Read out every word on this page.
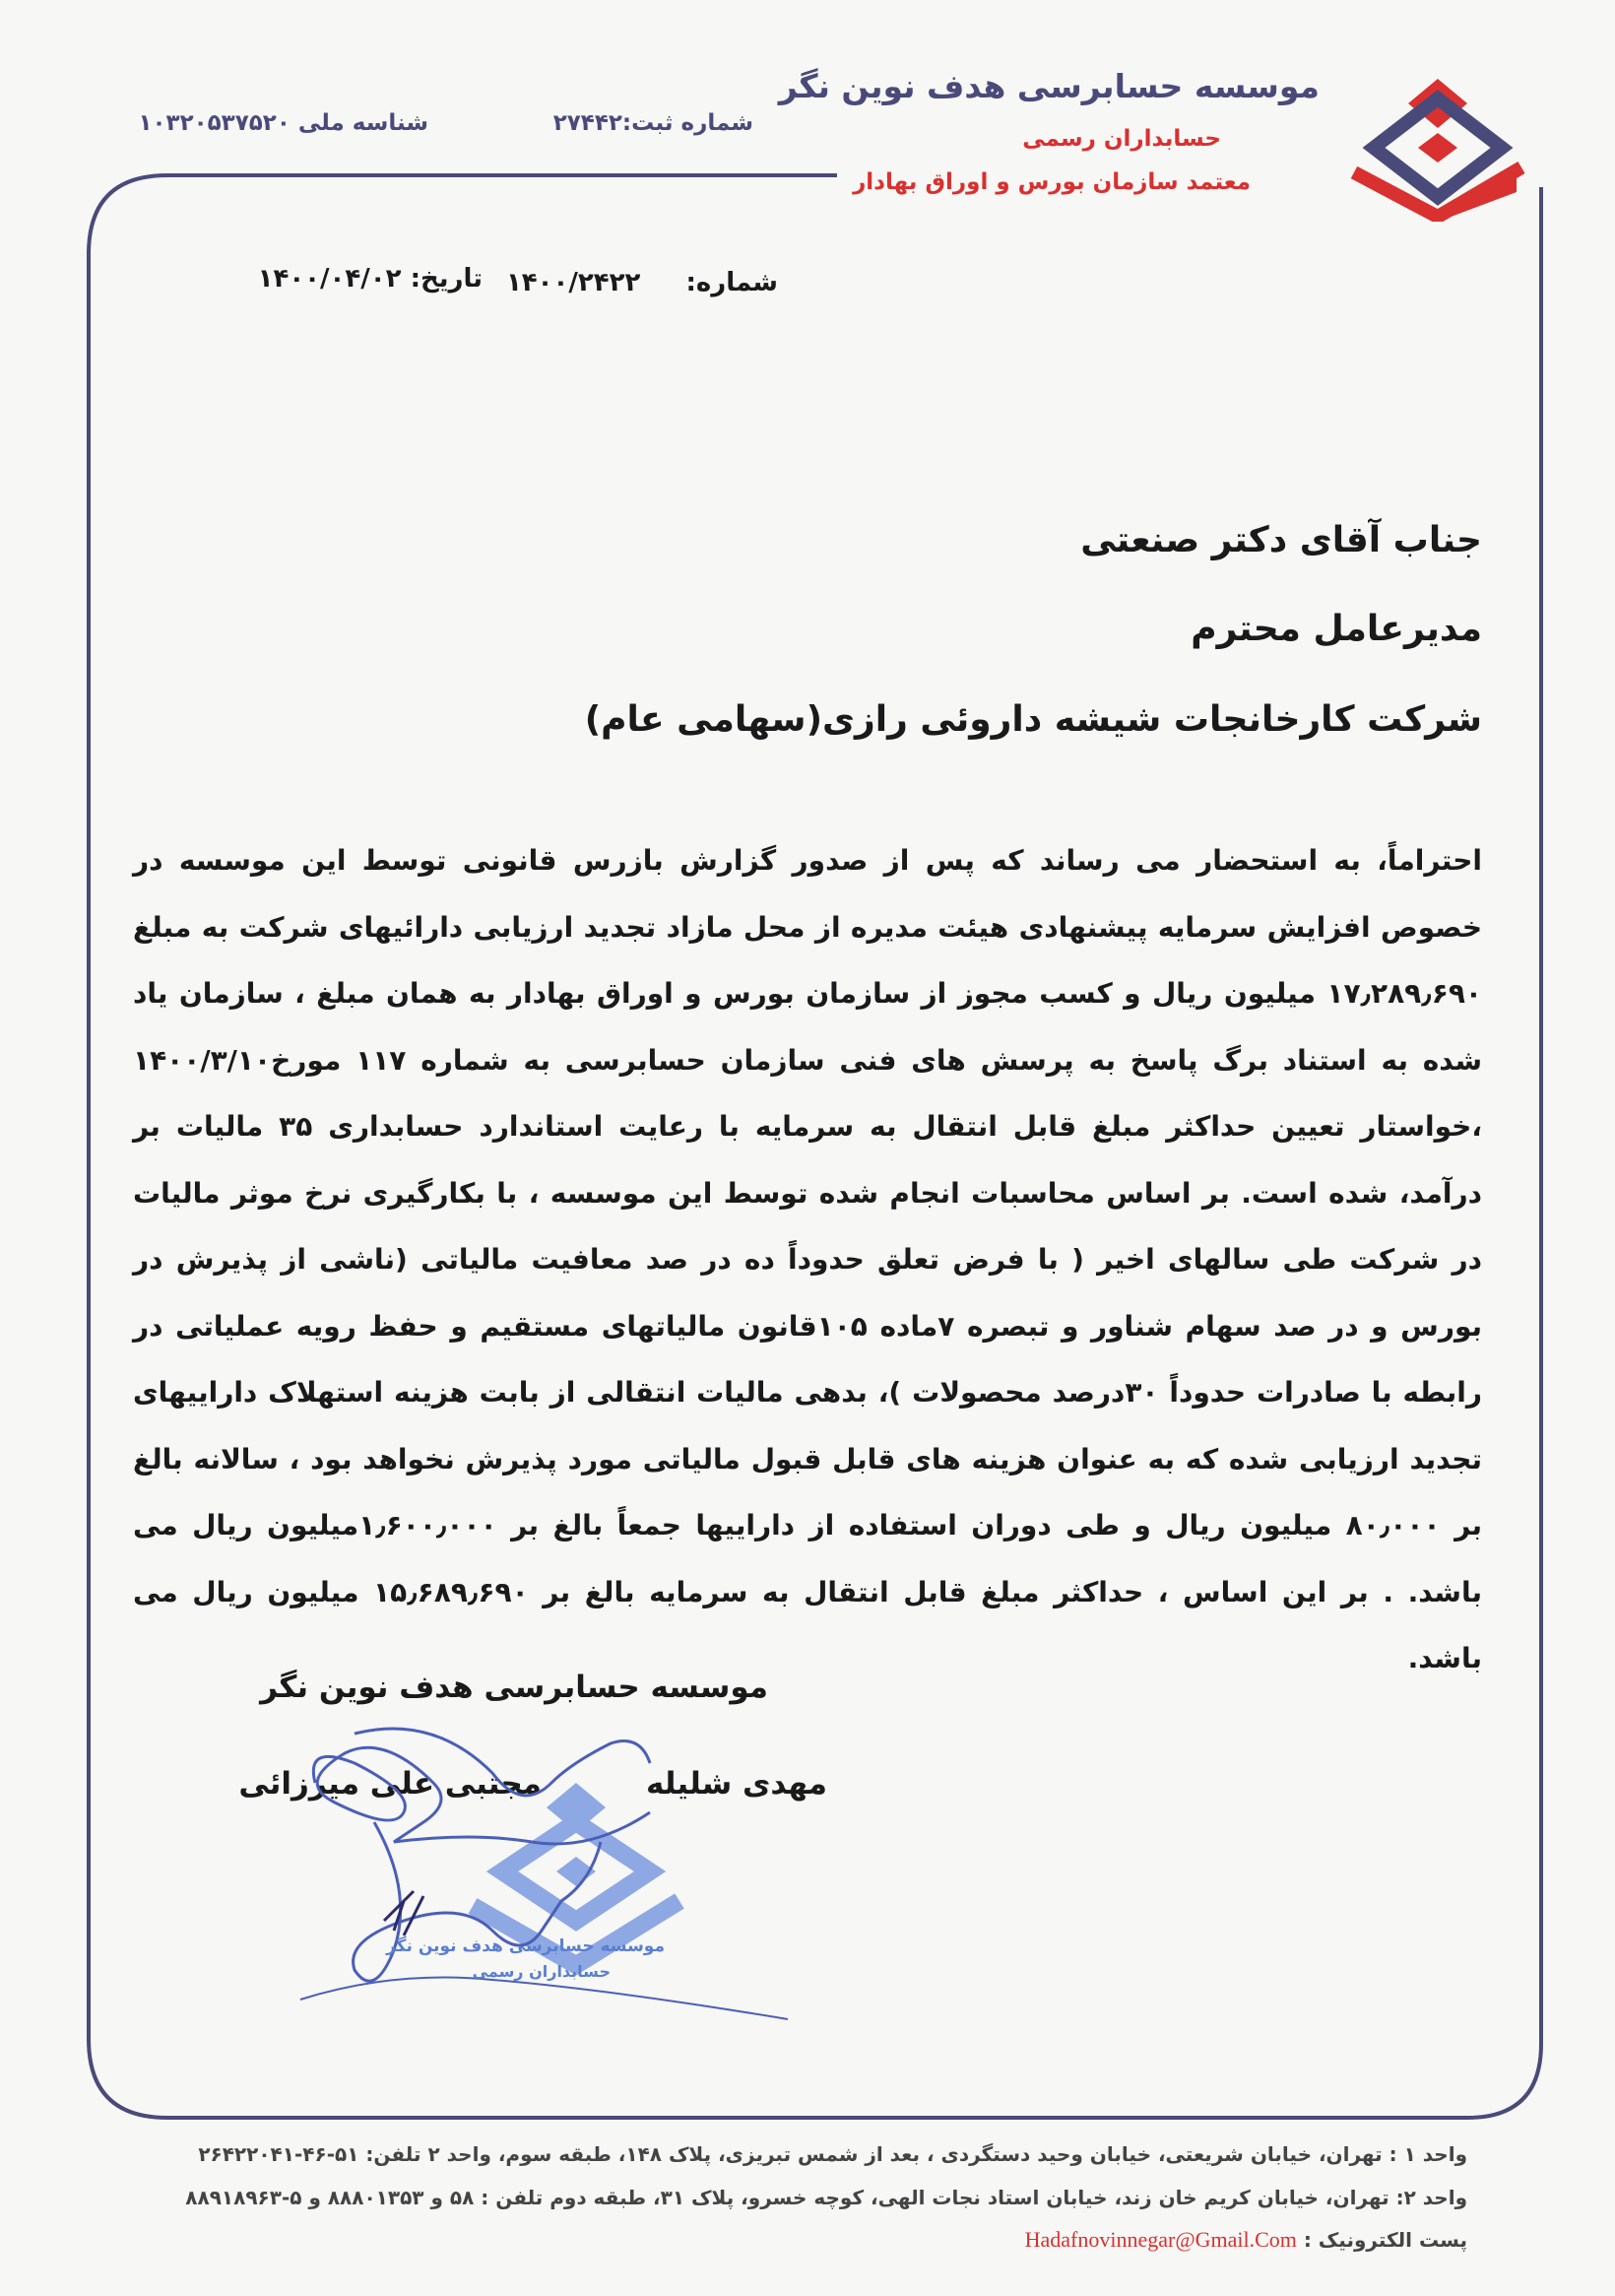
موسسه حسابرسی هدف نوین نگر
حسابداران رسمی
معتمد سازمان بورس و اوراق بهادار
شماره ثبت:۲۷۴۴۲
شناسه ملی ۱۰۳۲۰۵۳۷۵۲۰
شماره:  ۱۴۰۰/۲۴۲۲
تاریخ: ۱۴۰۰/۰۴/۰۲
جناب آقای دکتر صنعتی
مدیرعامل محترم
شرکت کارخانجات شیشه داروئی رازی(سهامی عام)

احتراماً، به استحضار می رساند که پس از صدور گزارش بازرس قانونی توسط این موسسه در خصوص افزایش سرمایه پیشنهادی هیئت مدیره از محل مازاد تجدید ارزیابی دارائیهای شرکت به مبلغ ۱۷٫۲۸۹٫۶۹۰ میلیون ریال و کسب مجوز از سازمان بورس و اوراق بهادار به همان مبلغ ، سازمان یاد شده به استناد برگ پاسخ به پرسش های فنی سازمان حسابرسی به شماره ۱۱۷ مورخ۱۴۰۰/۳/۱۰ ،خواستار تعیین حداکثر مبلغ قابل انتقال به سرمایه با رعایت استاندارد حسابداری ۳۵ مالیات بر درآمد، شده است. بر اساس محاسبات انجام شده توسط این موسسه ، با بکارگیری نرخ موثر مالیات در شرکت طی سالهای اخیر ( با فرض تعلق حدوداً ده در صد معافیت مالیاتی (ناشی از پذیرش در بورس و در صد سهام شناور و تبصره ۷ماده ۱۰۵قانون مالیاتهای مستقیم و حفظ رویه عملیاتی در رابطه با صادرات حدوداً ۳۰درصد محصولات )، بدهی مالیات انتقالی از بابت هزینه استهلاک داراییهای تجدید ارزیابی شده که به عنوان هزینه های قابل قبول مالیاتی مورد پذیرش نخواهد بود ، سالانه بالغ بر ۸۰٫۰۰۰ میلیون ریال و طی دوران استفاده از داراییها جمعاً بالغ بر ۱٫۶۰۰٫۰۰۰میلیون ریال می باشد. . بر این اساس ، حداکثر مبلغ قابل انتقال به سرمایه بالغ بر ۱۵٫۶۸۹٫۶۹۰ میلیون ریال می باشد.

موسسه حسابرسی هدف نوین نگر
مهدی شلیله
مجتبی علی میرزائی
موسسه حسابرسی هدف نوین نگر
حسابداران رسمی
واحد ۱ : تهران، خیابان شریعتی، خیابان وحید دستگردی ، بعد از شمس تبریزی، پلاک ۱۴۸، طبقه سوم، واحد ۲ تلفن: ۵۱-۴۶-۲۶۴۲۲۰۴۱
واحد ۲: تهران، خیابان کریم خان زند، خیابان استاد نجات الهی، کوچه خسرو، پلاک ۳۱، طبقه دوم تلفن : ۵۸ و ۸۸۸۰۱۳۵۳ و ۵-۸۸۹۱۸۹۶۳
پست الکترونیک : Hadafnovinnegar@Gmail.Com
